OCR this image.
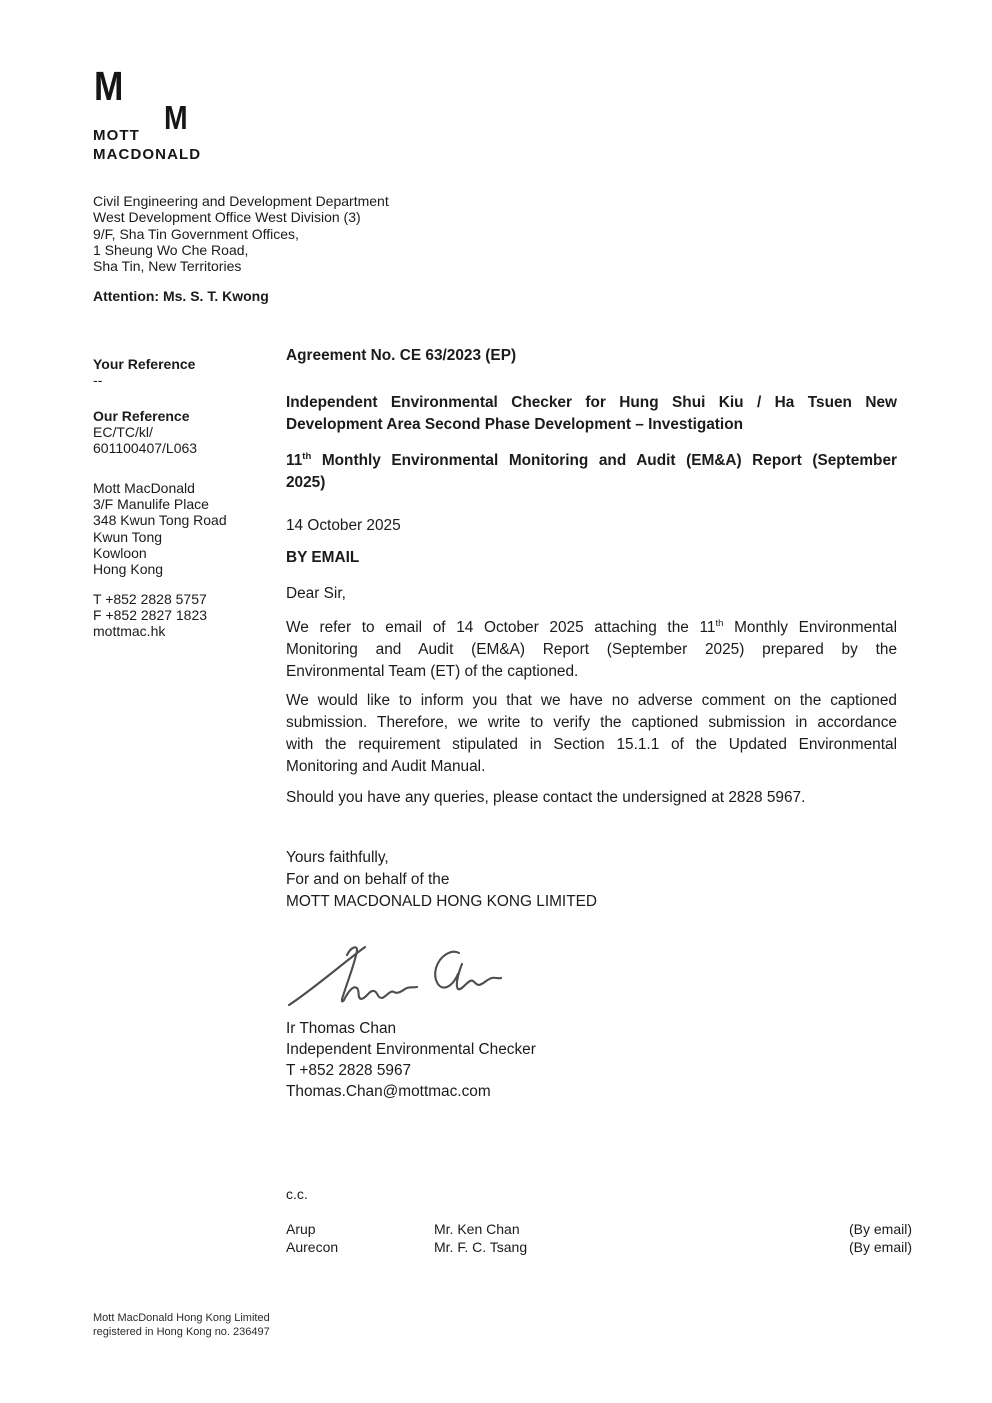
M
M
MOTT
MACDONALD
Civil Engineering and Development Department
West Development Office West Division (3)
9/F, Sha Tin Government Offices,
1 Sheung Wo Che Road,
Sha Tin, New Territories
Attention: Ms. S. T. Kwong
Your Reference
--
Our Reference
EC/TC/kl/
601100407/L063
Mott MacDonald
3/F Manulife Place
348 Kwun Tong Road
Kwun Tong
Kowloon
Hong Kong
T +852 2828 5757
F +852 2827 1823
mottmac.hk
Agreement No. CE 63/2023 (EP)
Independent Environmental Checker for Hung Shui Kiu / Ha Tsuen New
Development Area Second Phase Development – Investigation
11th Monthly Environmental Monitoring and Audit (EM&A) Report (September
2025)
14 October 2025
BY EMAIL
Dear Sir,
We refer to email of 14 October 2025 attaching the 11th Monthly Environmental
Monitoring and Audit (EM&A) Report (September 2025) prepared by the
Environmental Team (ET) of the captioned.
We would like to inform you that we have no adverse comment on the captioned
submission. Therefore, we write to verify the captioned submission in accordance
with the requirement stipulated in Section 15.1.1 of the Updated Environmental
Monitoring and Audit Manual.
Should you have any queries, please contact the undersigned at 2828 5967.
Yours faithfully,
For and on behalf of the
MOTT MACDONALD HONG KONG LIMITED
Ir Thomas Chan
Independent Environmental Checker
T +852 2828 5967
Thomas.Chan@mottmac.com
c.c.
Arup	Mr. Ken Chan	(By email)
Aurecon	Mr. F. C. Tsang	(By email)
Mott MacDonald Hong Kong Limited
registered in Hong Kong no. 236497
